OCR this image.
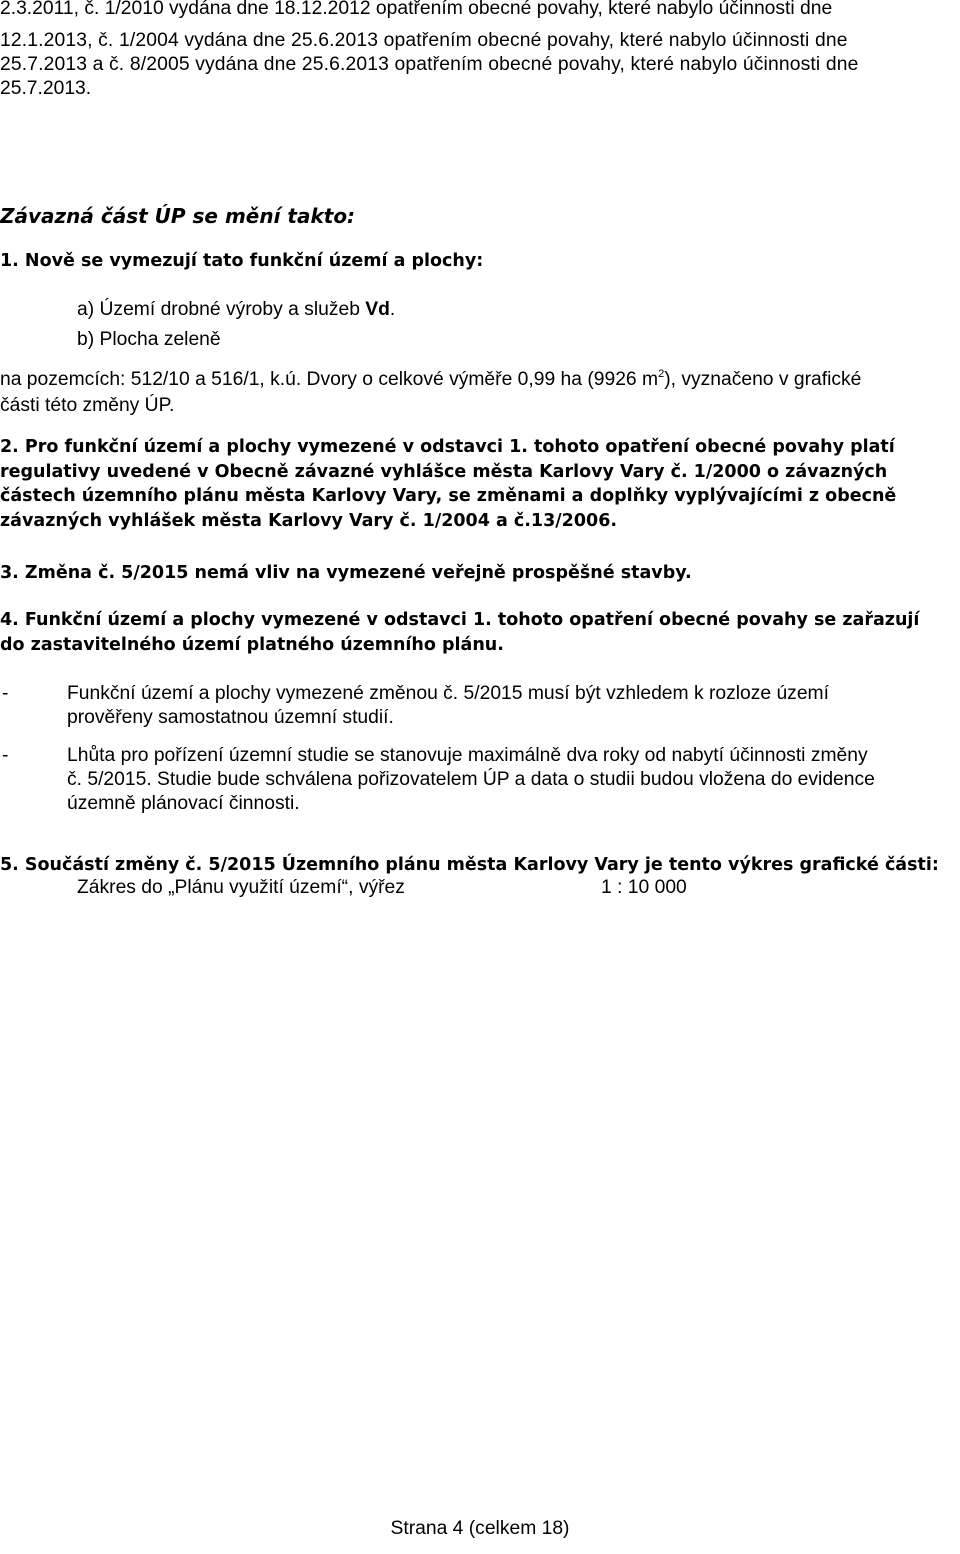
2.3.2011, č. 1/2010 vydána dne 18.12.2012 opatřením obecné povahy, které nabylo účinnosti dne
12.1.2013, č. 1/2004 vydána dne 25.6.2013 opatřením obecné povahy, které nabylo účinnosti dne
25.7.2013 a č. 8/2005 vydána dne 25.6.2013 opatřením obecné povahy, které nabylo účinnosti dne
25.7.2013.
Závazná část ÚP se mění takto:
1. Nově se vymezují tato funkční území a plochy:
a) Území drobné výroby a služeb Vd.
b) Plocha zeleně
na pozemcích: 512/10 a 516/1, k.ú. Dvory o celkové výměře 0,99 ha (9926 $m^2$), vyznačeno v grafické
části této změny ÚP.
2. Pro funkční území a plochy vymezené v odstavci 1. tohoto opatření obecné povahy platí
regulativy uvedené v Obecně závazné vyhlášce města Karlovy Vary č. 1/2000 o závazných
částech územního plánu města Karlovy Vary, se změnami a doplňky vyplývajícími z obecně
závazných vyhlášek města Karlovy Vary č. 1/2004 a č.13/2006.
3. Změna č. 5/2015 nemá vliv na vymezené veřejně prospěšné stavby.
4. Funkční území a plochy vymezené v odstavci 1. tohoto opatření obecné povahy se zařazují
do zastavitelného území platného územního plánu.
-	Funkční území a plochy vymezené změnou č. 5/2015 musí být vzhledem k rozloze území
prověřeny samostatnou územní studií.
-	Lhůta pro pořízení územní studie se stanovuje maximálně dva roky od nabytí účinnosti změny
č. 5/2015. Studie bude schválena pořizovatelem ÚP a data o studii budou vložena do evidence
územně plánovací činnosti.
5. Součástí změny č. 5/2015 Územního plánu města Karlovy Vary je tento výkres grafické části:
Zákres do „Plánu využití území“, výřez	1 : 10 000
Strana 4 (celkem 18)
